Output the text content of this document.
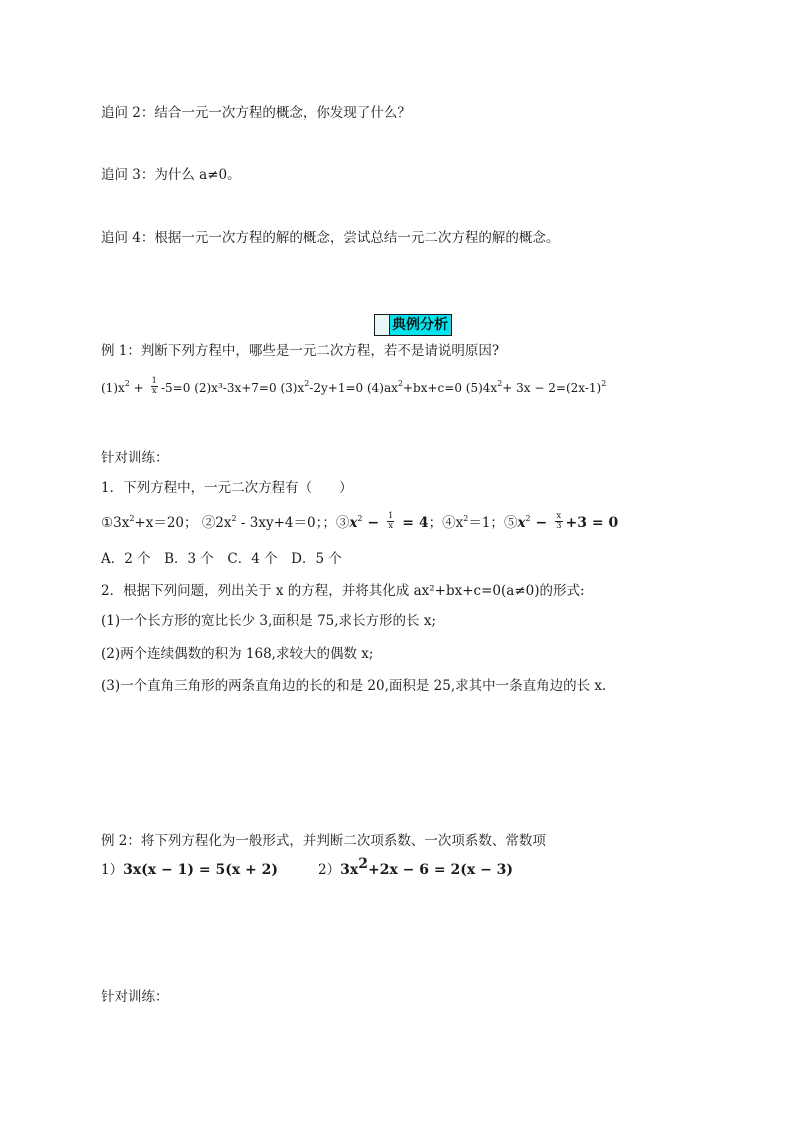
追问 2：结合一元一次方程的概念，你发现了什么？
追问 3：为什么 a≠0。
追问 4：根据一元一次方程的解的概念，尝试总结一元二次方程的解的概念。
典例分析
例 1：判断下列方程中，哪些是一元二次方程，若不是请说明原因?
$(1)x^2 + \frac{1}{x} -5=0$ (2)x³-3x+7=0 $(3)x^2-2y+1=0$ $(4)ax^2+bx+c=0$ $(5)4x^2+ 3x - 2=(2x-1)^2$
针对训练：
1．下列方程中，一元二次方程有（　　）
$①3x^2+x=20$； $②2x^2 - 3xy+4=0$；；$③x^2 - \frac{1}{x} = 4$；$④x^2=1$；$⑤x^2 - \frac{x}{3} +3 = 0$
A．2 个　B．3 个　C．4 个　D．5 个
2．根据下列问题，列出关于 x 的方程，并将其化成 ax²+bx+c=0(a≠0)的形式:
(1)一个长方形的宽比长少 3,面积是 75,求长方形的长 x;
(2)两个连续偶数的积为 168,求较大的偶数 x;
(3)一个直角三角形的两条直角边的长的和是 20,面积是 25,求其中一条直角边的长 x.
例 2：将下列方程化为一般形式，并判断二次项系数、一次项系数、常数项
1）3x(x − 1) = 5(x + 2)	$2)3x^2+2x - 6 = 2(x - 3)$
针对训练：
